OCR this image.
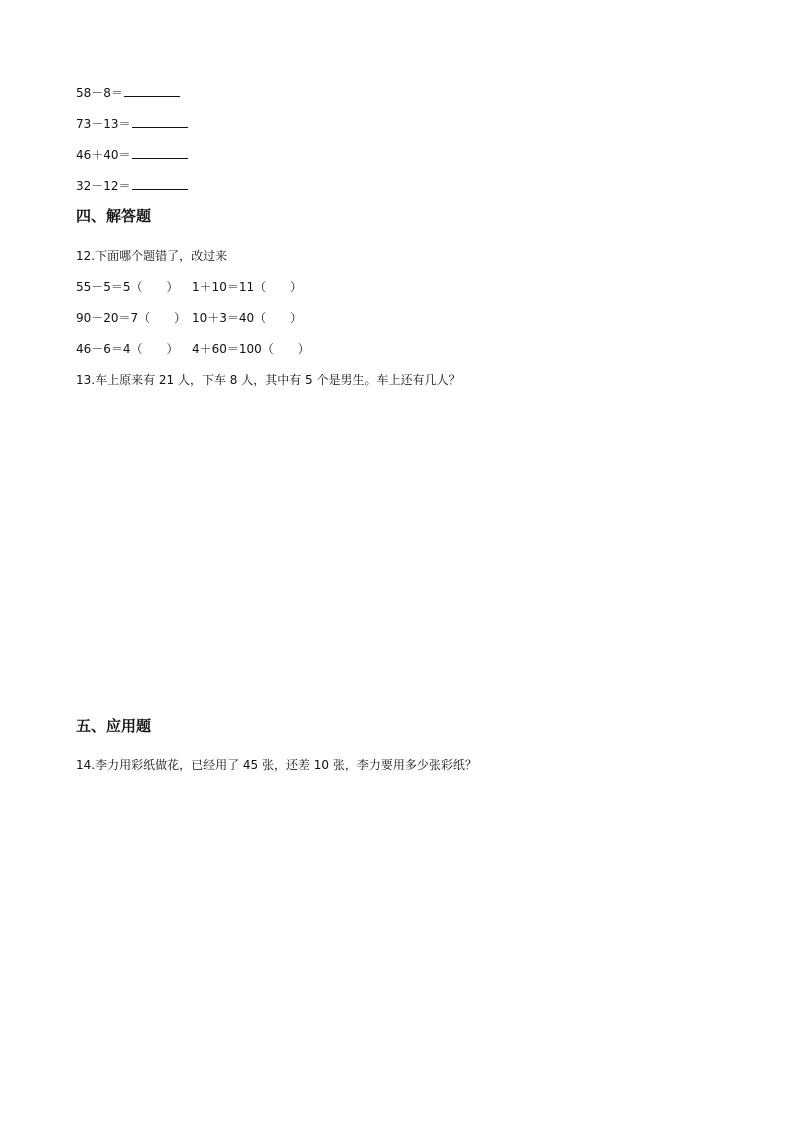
58－8＝
73－13＝
46＋40＝
32－12＝
四、解答题
12.下面哪个题错了，改过来
55－5＝5（　　） 1＋10＝11（　　）
90－20＝7（　　） 10＋3＝40（　　）
46－6＝4（　　） 4＋60＝100（　　）
13.车上原来有 21 人，下车 8 人，其中有 5 个是男生。车上还有几人？
五、应用题
14.李力用彩纸做花，已经用了 45 张，还差 10 张，李力要用多少张彩纸？
